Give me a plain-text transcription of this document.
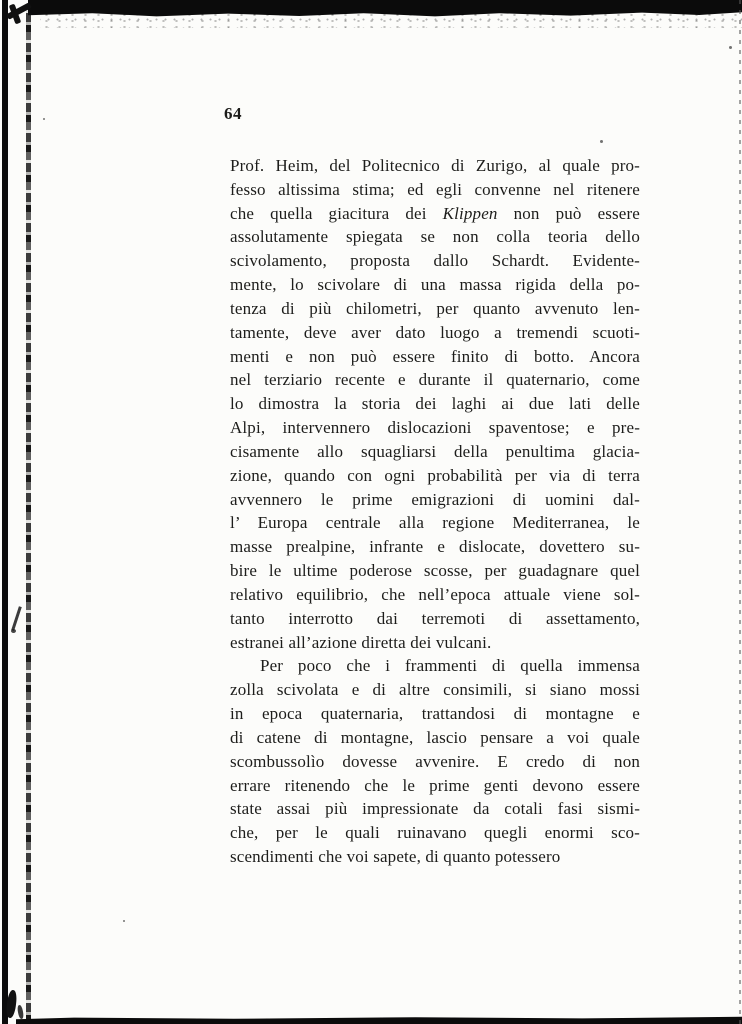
64
Prof. Heim, del Politecnico di Zurigo, al quale pro-
fesso altissima stima; ed egli convenne nel ritenere
che quella giacitura dei Klippen non può essere
assolutamente spiegata se non colla teoria dello
scivolamento, proposta dallo Schardt. Evidente-
mente, lo scivolare di una massa rigida della po-
tenza di più chilometri, per quanto avvenuto len-
tamente, deve aver dato luogo a tremendi scuoti-
menti e non può essere finito di botto. Ancora
nel terziario recente e durante il quaternario, come
lo dimostra la storia dei laghi ai due lati delle
Alpi, intervennero dislocazioni spaventose; e pre-
cisamente allo squagliarsi della penultima glacia-
zione, quando con ogni probabilità per via di terra
avvennero le prime emigrazioni di uomini dal-
l’ Europa centrale alla regione Mediterranea, le
masse prealpine, infrante e dislocate, dovettero su-
bire le ultime poderose scosse, per guadagnare quel
relativo equilibrio, che nell’epoca attuale viene sol-
tanto interrotto dai terremoti di assettamento,
estranei all’azione diretta dei vulcani.
Per poco che i frammenti di quella immensa
zolla scivolata e di altre consimili, si siano mossi
in epoca quaternaria, trattandosi di montagne e
di catene di montagne, lascio pensare a voi quale
scombussolìo dovesse avvenire. E credo di non
errare ritenendo che le prime genti devono essere
state assai più impressionate da cotali fasi sismi-
che, per le quali ruinavano quegli enormi sco-
scendimenti che voi sapete, di quanto potessero
